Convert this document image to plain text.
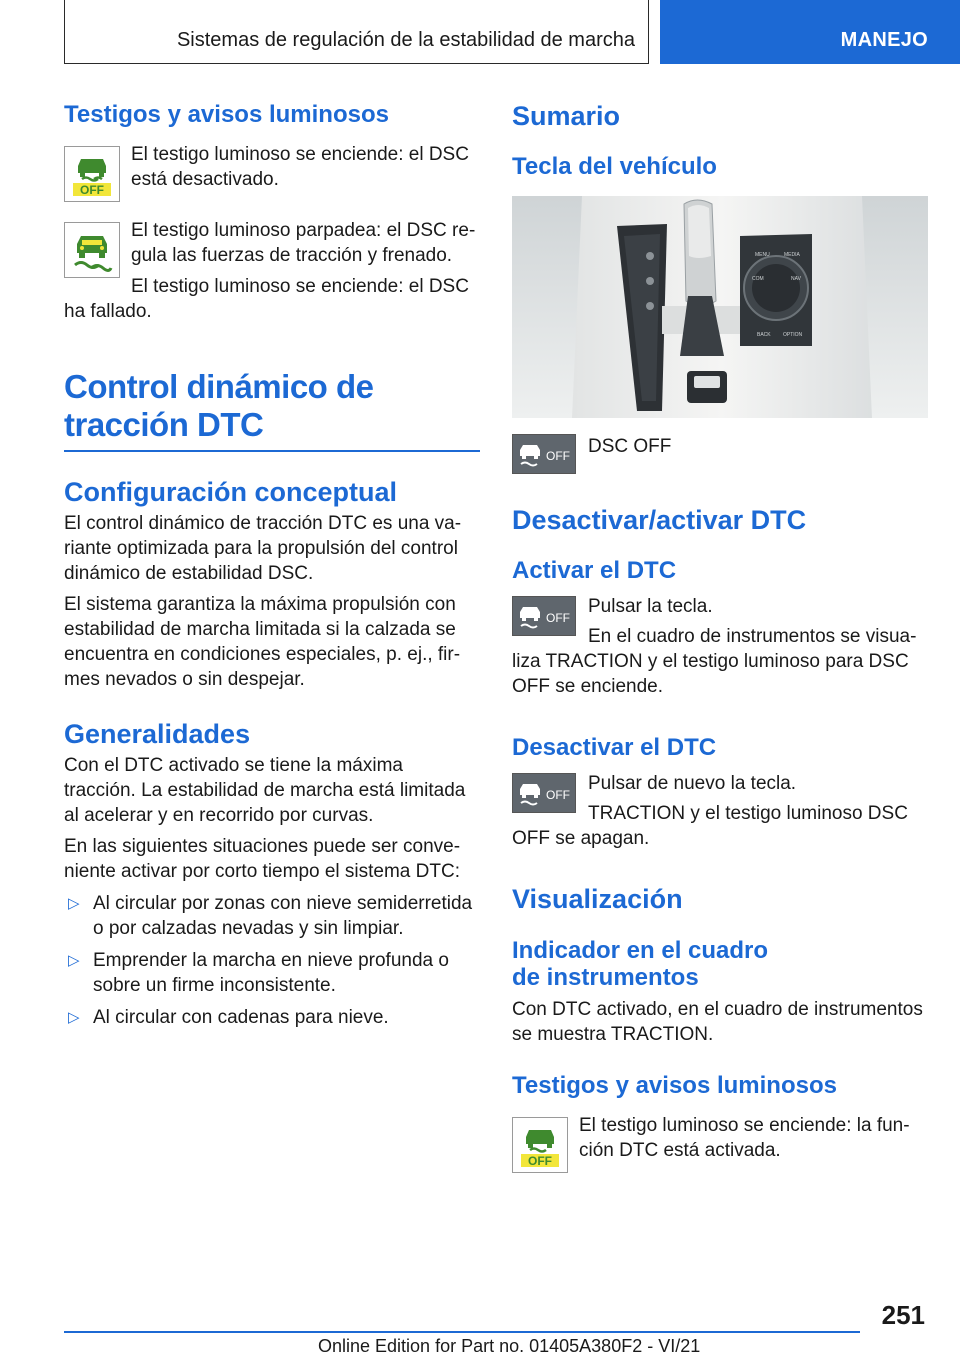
Sistemas de regulación de la estabilidad de marcha	MANEJO
Testigos y avisos luminosos
OFF

El testigo luminoso se enciende: el DSC está desactivado.

El testigo luminoso parpadea: el DSC re‐gula las fuerzas de tracción y frenado.

El testigo luminoso se enciende: el DSC ha fallado.

Control dinámico de
tracción DTC
Configuración conceptual

El control dinámico de tracción DTC es una va‐riante optimizada para la propulsión del control dinámico de estabilidad DSC.

El sistema garantiza la máxima propulsión con estabilidad de marcha limitada si la calzada se encuentra en condiciones especiales, p. ej., fir‐mes nevados o sin despejar.

Generalidades

Con el DTC activado se tiene la máxima tracción. La estabilidad de marcha está limitada al acelerar y en recorrido por curvas.

En las siguientes situaciones puede ser conve‐niente activar por corto tiempo el sistema DTC:

▷ Al circular por zonas con nieve semiderretida o por calzadas nevadas y sin limpiar.
▷ Emprender la marcha en nieve profunda o sobre un firme inconsistente.
▷ Al circular con cadenas para nieve.
Sumario
Tecla del vehículo
MENU	MEDIA
COM	NAV
BACK OPTION
OFF DSC OFF

Desactivar/activar DTC
Activar el DTC
OFF

Pulsar la tecla.

En el cuadro de instrumentos se visua‐liza TRACTION y el testigo luminoso para DSC OFF se enciende.

Desactivar el DTC
OFF

Pulsar de nuevo la tecla.

TRACTION y el testigo luminoso DSC OFF se apagan.

Visualización
Indicador en el cuadro
de instrumentos

Con DTC activado, en el cuadro de instrumentos se muestra TRACTION.

Testigos y avisos luminosos
OFF

El testigo luminoso se enciende: la fun‐ción DTC está activada.

251
Online Edition for Part no. 01405A380F2 - VI/21
